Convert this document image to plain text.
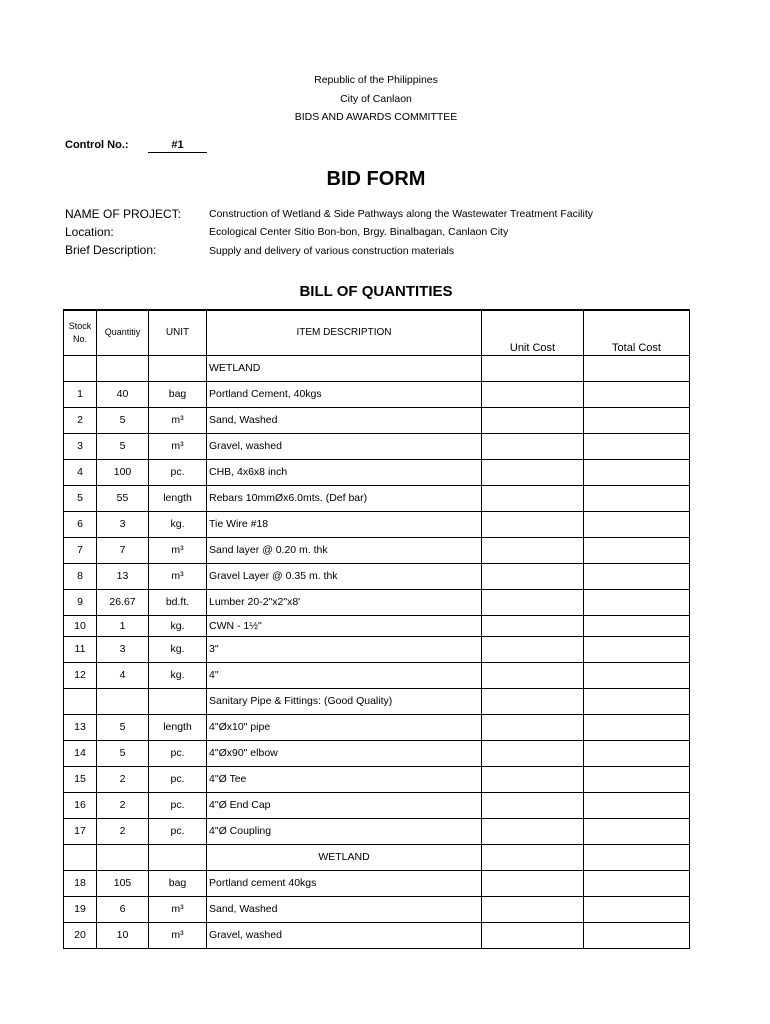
Republic of the Philippines
City of Canlaon
BIDS AND AWARDS COMMITTEE
Control No.:	#1
BID FORM
NAME OF PROJECT:	Construction of Wetland & Side Pathways along the Wastewater Treatment Facility
Location:	Ecological Center Sitio Bon-bon, Brgy. Binalbagan, Canlaon City
Brief Description:	Supply and delivery of various construction materials
BILL OF QUANTITIES
Stock
No.	Quantitiy	UNIT	ITEM DESCRIPTION	Unit Cost	Total Cost
			WETLAND		
1	40	bag	Portland Cement, 40kgs		
2	5	m³	Sand, Washed		
3	5	m³	Gravel, washed		
4	100	pc.	CHB, 4x6x8 inch		
5	55	length	Rebars 10mmØx6.0mts. (Def bar)		
6	3	kg.	Tie Wire #18		
7	7	m³	Sand layer @ 0.20 m. thk		
8	13	m³	Gravel Layer @ 0.35 m. thk		
9	26.67	bd.ft.	Lumber 20-2"x2"x8'		
10	1	kg.	CWN - 1½"		
11	3	kg.	3"		
12	4	kg.	4"		
			Sanitary Pipe & Fittings: (Good Quality)		
13	5	length	4"Øx10" pipe		
14	5	pc.	4"Øx90" elbow		
15	2	pc.	4"Ø Tee		
16	2	pc.	4"Ø End Cap		
17	2	pc.	4"Ø Coupling		
			WETLAND		
18	105	bag	Portland cement 40kgs		
19	6	m³	Sand, Washed		
20	10	m³	Gravel, washed		
